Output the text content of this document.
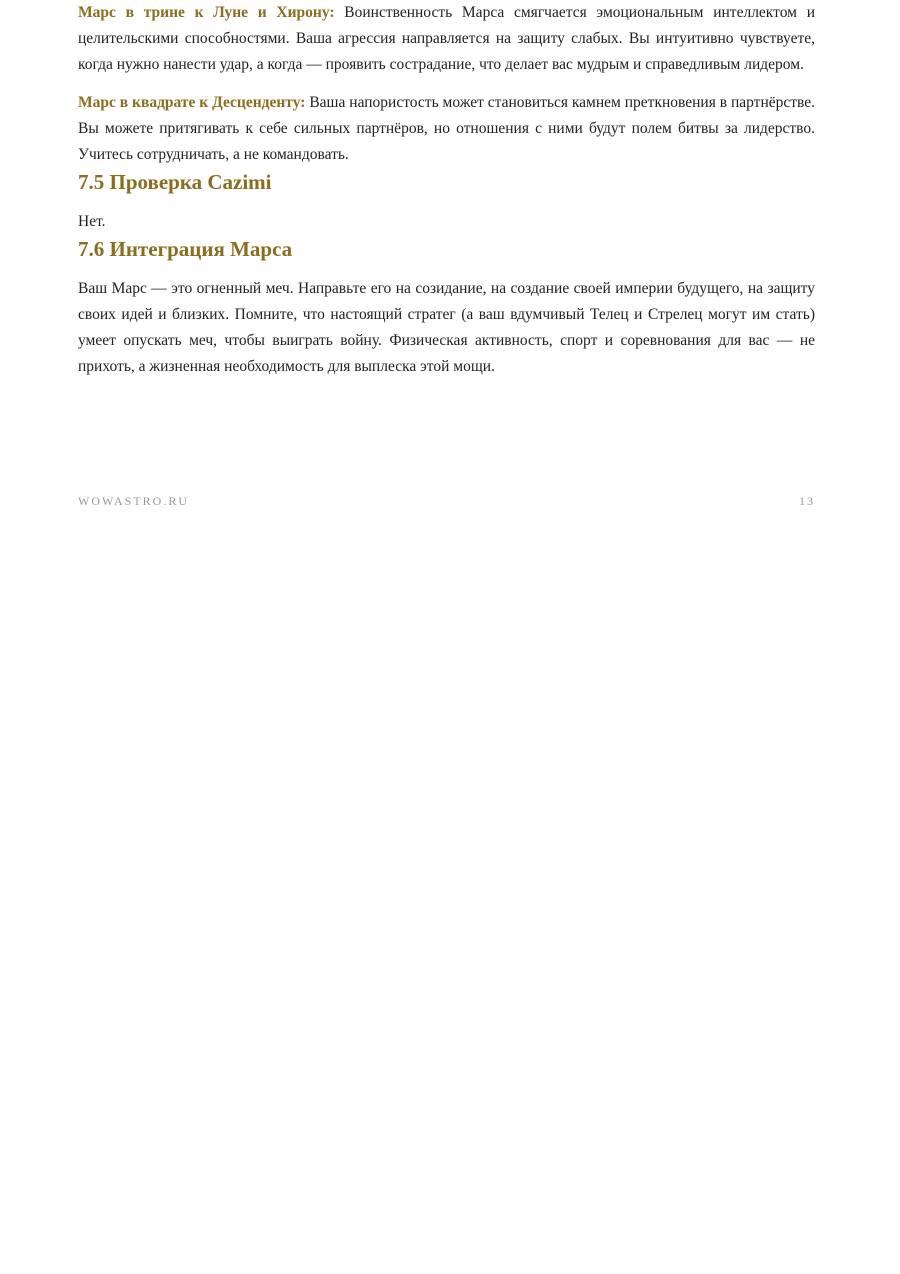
Марс в трине к Луне и Хирону: Воинственность Марса смягчается эмоциональным интеллектом и целительскими способностями. Ваша агрессия направляется на защиту слабых. Вы интуитивно чувствуете, когда нужно нанести удар, а когда — проявить сострадание, что делает вас мудрым и справедливым лидером.

Марс в квадрате к Десценденту: Ваша напористость может становиться камнем преткновения в партнёрстве. Вы можете притягивать к себе сильных партнёров, но отношения с ними будут полем битвы за лидерство. Учитесь сотрудничать, а не командовать.

7.5 Проверка Cazimi

Нет.

7.6 Интеграция Марса

Ваш Марс — это огненный меч. Направьте его на созидание, на создание своей империи будущего, на защиту своих идей и близких. Помните, что настоящий стратег (а ваш вдумчивый Телец и Стрелец могут им стать) умеет опускать меч, чтобы выиграть войну. Физическая активность, спорт и соревнования для вас — не прихоть, а жизненная необходимость для выплеска этой мощи.

WOWASTRO.RU	13
